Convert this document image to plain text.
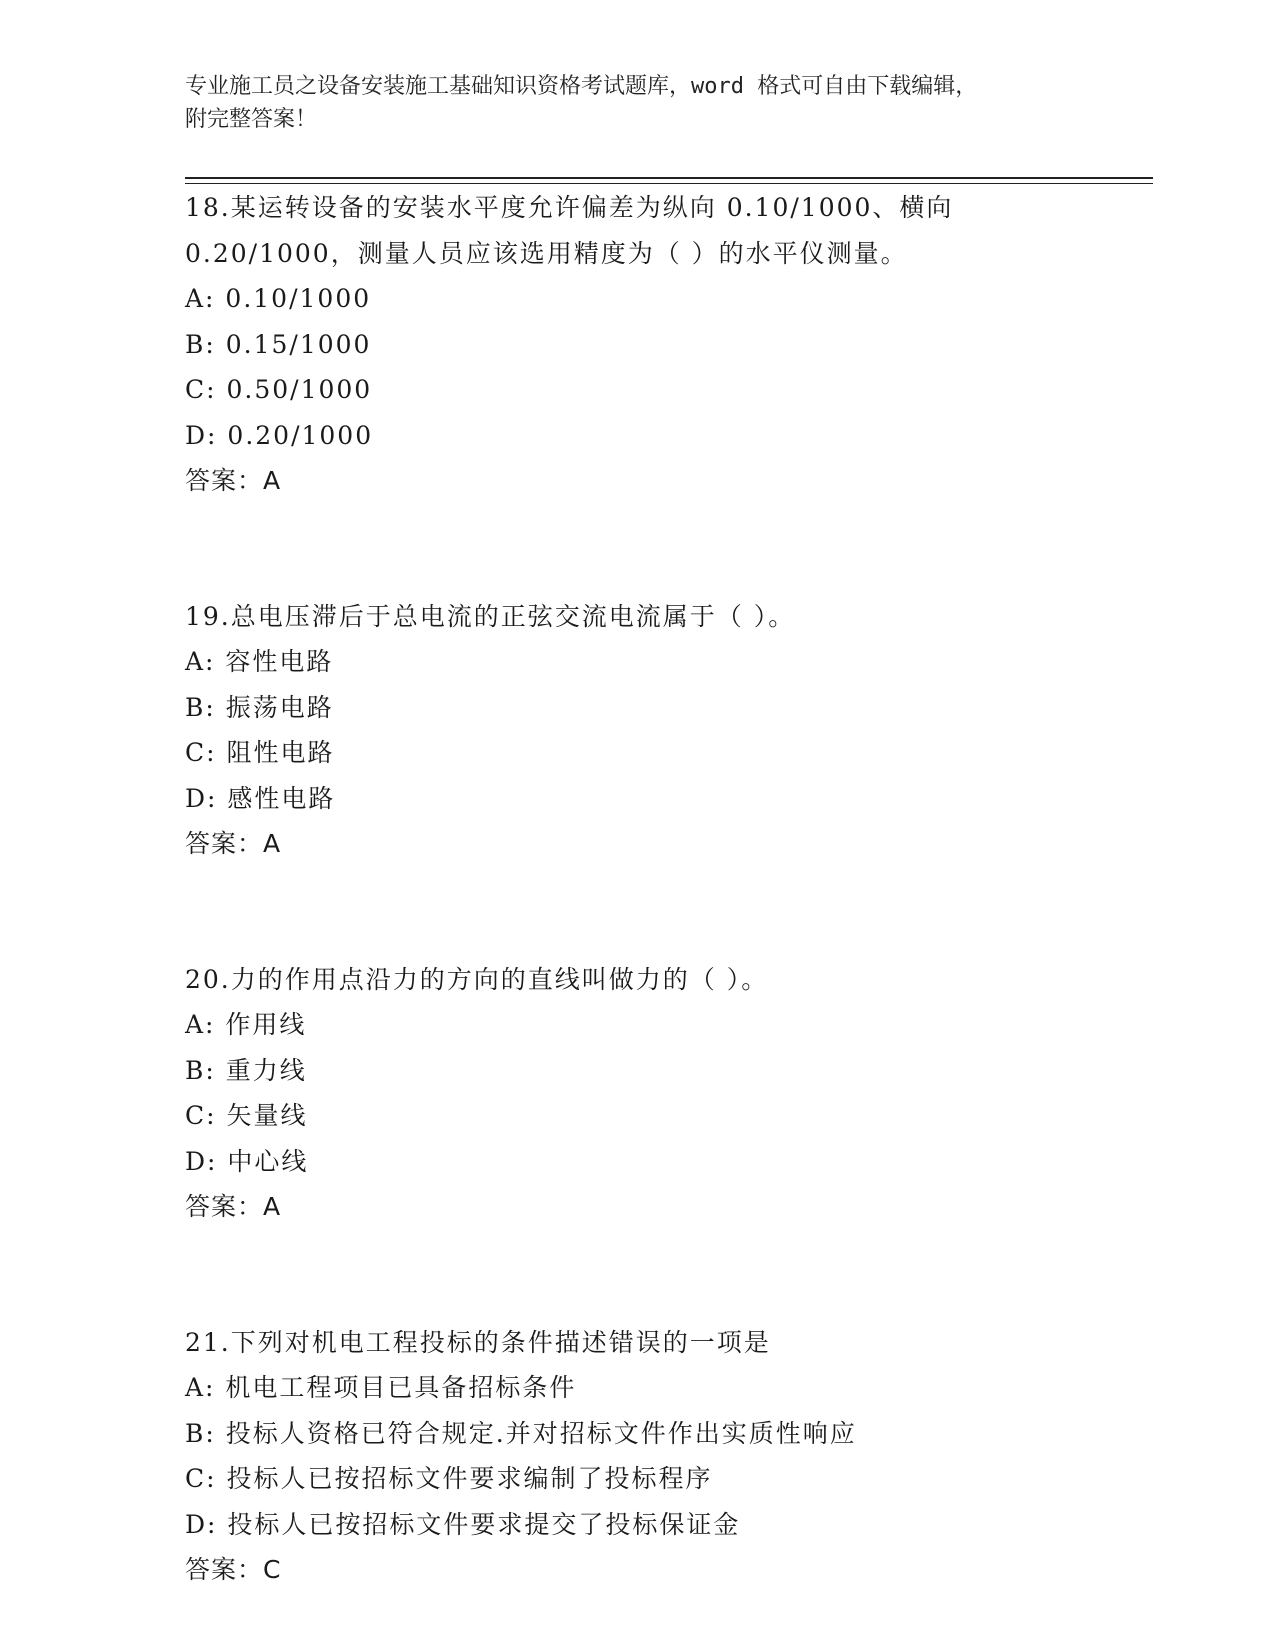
专业施工员之设备安装施工基础知识资格考试题库，word 格式可自由下载编辑，
附完整答案！

18.某运转设备的安装水平度允许偏差为纵向 0.10/1000、横向

0.20/1000，测量人员应该选用精度为（ ）的水平仪测量。

A: 0.10/1000

B: 0.15/1000

C: 0.50/1000

D: 0.20/1000

答案：A

19.总电压滞后于总电流的正弦交流电流属于（ ）。

A: 容性电路

B: 振荡电路

C: 阻性电路

D: 感性电路

答案：A

20.力的作用点沿力的方向的直线叫做力的（ ）。

A: 作用线

B: 重力线

C: 矢量线

D: 中心线

答案：A

21.下列对机电工程投标的条件描述错误的一项是

A: 机电工程项目已具备招标条件

B: 投标人资格已符合规定.并对招标文件作出实质性响应

C: 投标人已按招标文件要求编制了投标程序

D: 投标人已按招标文件要求提交了投标保证金

答案：C
